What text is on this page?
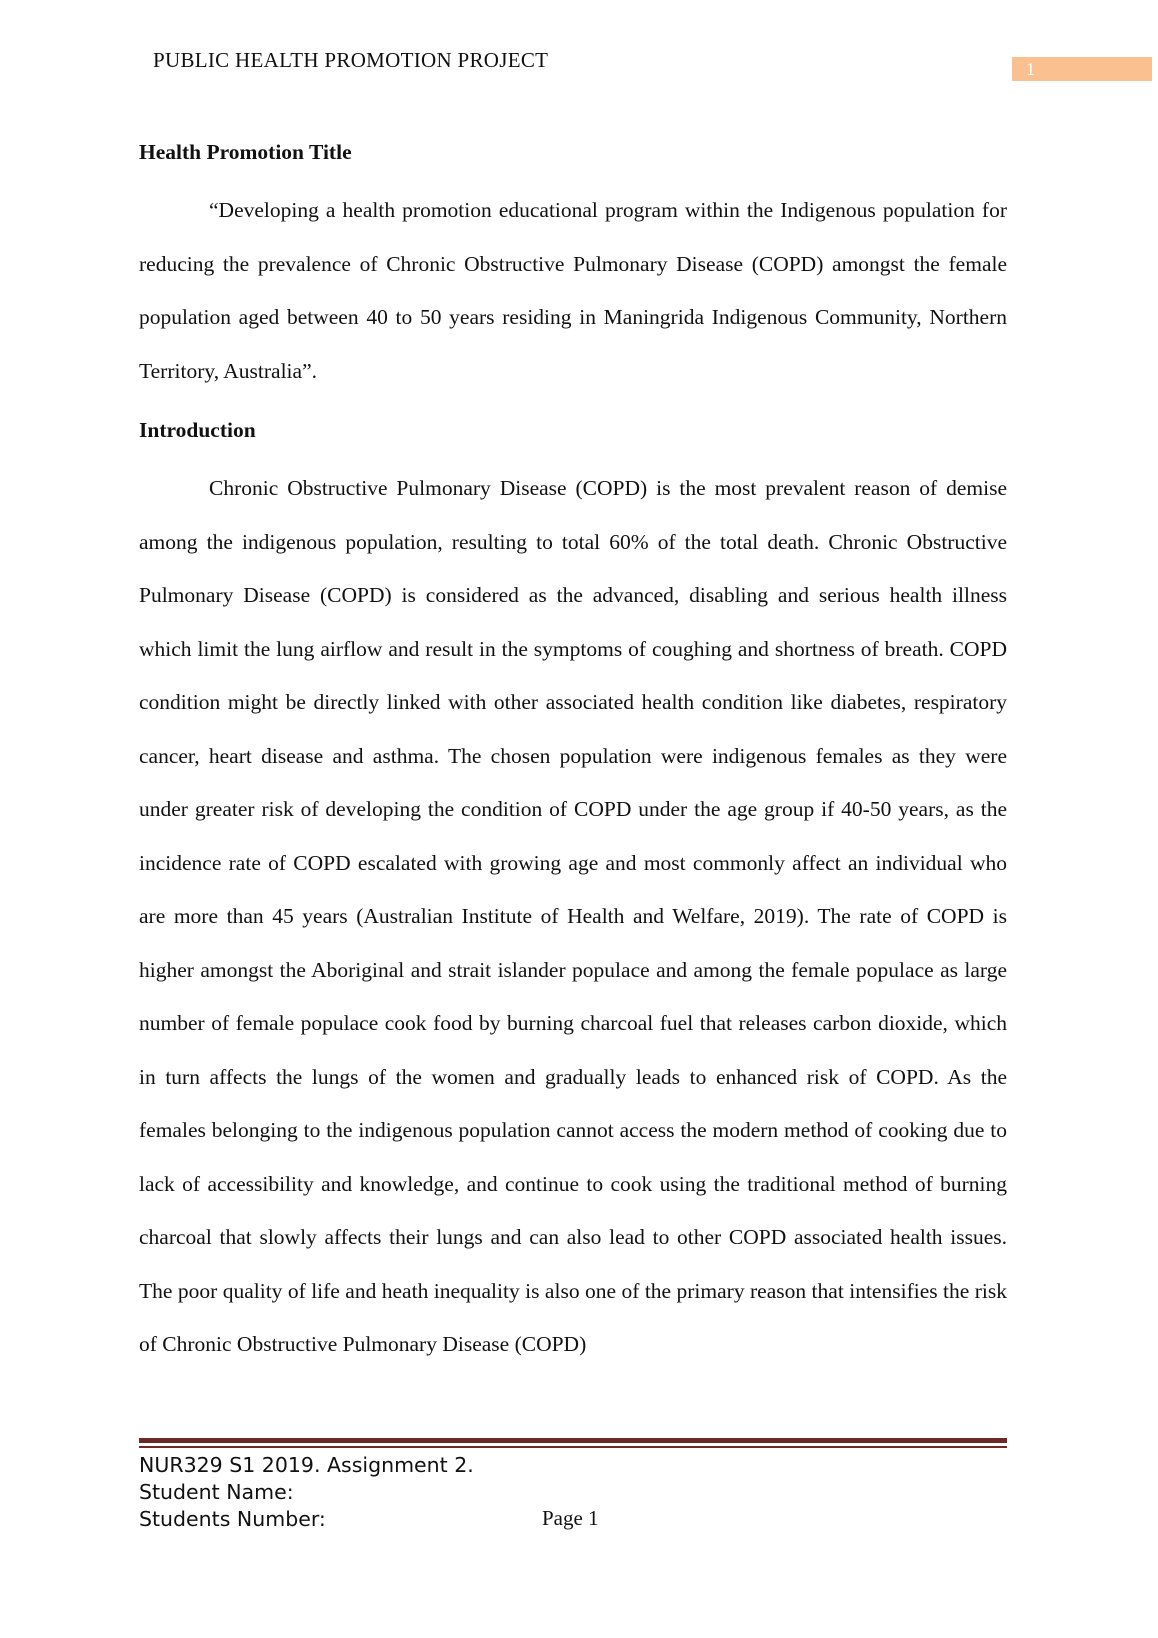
PUBLIC HEALTH PROMOTION PROJECT	1
Health Promotion Title

“Developing a health promotion educational program within the Indigenous population for reducing the prevalence of Chronic Obstructive Pulmonary Disease (COPD) amongst the female population aged between 40 to 50 years residing in Maningrida Indigenous Community, Northern Territory, Australia”.

Introduction

Chronic Obstructive Pulmonary Disease (COPD) is the most prevalent reason of demise among the indigenous population, resulting to total 60% of the total death. Chronic Obstructive Pulmonary Disease (COPD) is considered as the advanced, disabling and serious health illness which limit the lung airflow and result in the symptoms of coughing and shortness of breath. COPD condition might be directly linked with other associated health condition like diabetes, respiratory cancer, heart disease and asthma. The chosen population were indigenous females as they were under greater risk of developing the condition of COPD under the age group if 40-50 years, as the incidence rate of COPD escalated with growing age and most commonly affect an individual who are more than 45 years (Australian Institute of Health and Welfare, 2019). The rate of COPD is higher amongst the Aboriginal and strait islander populace and among the female populace as large number of female populace cook food by burning charcoal fuel that releases carbon dioxide, which in turn affects the lungs of the women and gradually leads to enhanced risk of COPD. As the females belonging to the indigenous population cannot access the modern method of cooking due to lack of accessibility and knowledge, and continue to cook using the traditional method of burning charcoal that slowly affects their lungs and can also lead to other COPD associated health issues. The poor quality of life and heath inequality is also one of the primary reason that intensifies the risk of Chronic Obstructive Pulmonary Disease (COPD)

NUR329 S1 2019. Assignment 2.
Student Name:
Students Number:	Page 1
